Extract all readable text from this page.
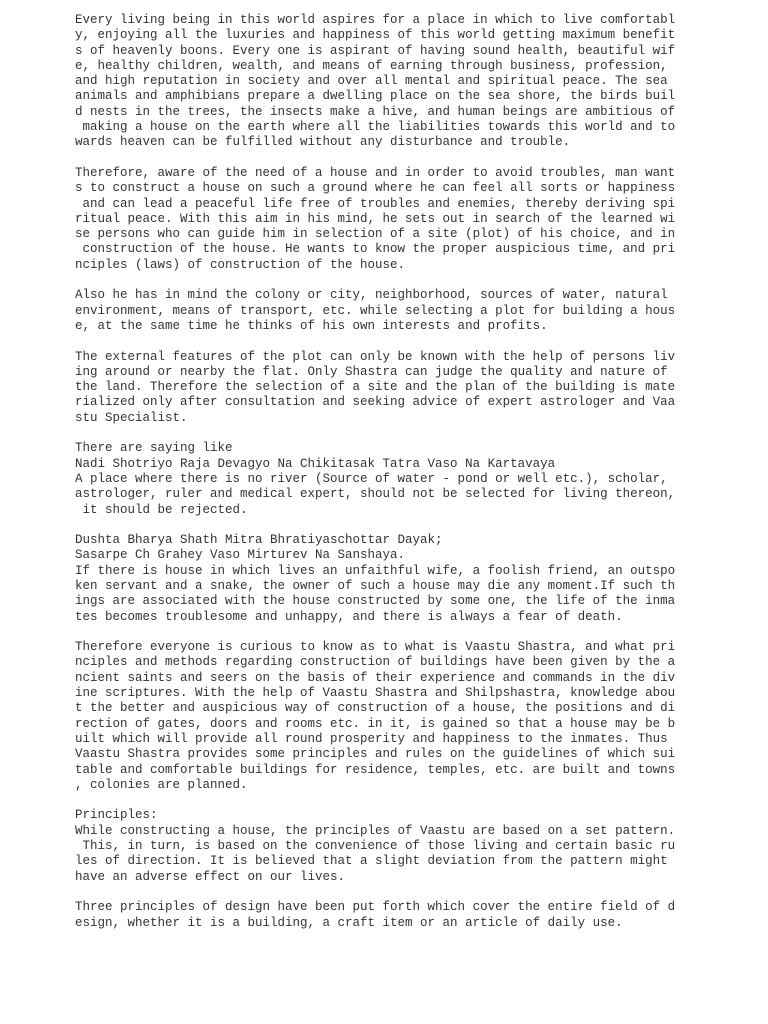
Every living being in this world aspires for a place in which to live comfortabl
y, enjoying all the luxuries and happiness of this world getting maximum benefit
s of heavenly boons. Every one is aspirant of having sound health, beautiful wif
e, healthy children, wealth, and means of earning through business, profession,
and high reputation in society and over all mental and spiritual peace. The sea
animals and amphibians prepare a dwelling place on the sea shore, the birds buil
d nests in the trees, the insects make a hive, and human beings are ambitious of
making a house on the earth where all the liabilities towards this world and to
wards heaven can be fulfilled without any disturbance and trouble.
Therefore, aware of the need of a house and in order to avoid troubles, man want
s to construct a house on such a ground where he can feel all sorts or happiness
and can lead a peaceful life free of troubles and enemies, thereby deriving spi
ritual peace. With this aim in his mind, he sets out in search of the learned wi
se persons who can guide him in selection of a site (plot) of his choice, and in
construction of the house. He wants to know the proper auspicious time, and pri
nciples (laws) of construction of the house.
Also he has in mind the colony or city, neighborhood, sources of water, natural
environment, means of transport, etc. while selecting a plot for building a hous
e, at the same time he thinks of his own interests and profits.
The external features of the plot can only be known with the help of persons liv
ing around or nearby the flat. Only Shastra can judge the quality and nature of
the land. Therefore the selection of a site and the plan of the building is mate
rialized only after consultation and seeking advice of expert astrologer and Vaa
stu Specialist.
There are saying like
Nadi Shotriyo Raja Devagyo Na Chikitasak Tatra Vaso Na Kartavaya
A place where there is no river (Source of water - pond or well etc.), scholar,
astrologer, ruler and medical expert, should not be selected for living thereon,
it should be rejected.
Dushta Bharya Shath Mitra Bhratiyaschottar Dayak;
Sasarpe Ch Grahey Vaso Mirturev Na Sanshaya.
If there is house in which lives an unfaithful wife, a foolish friend, an outspo
ken servant and a snake, the owner of such a house may die any moment.If such th
ings are associated with the house constructed by some one, the life of the inma
tes becomes troublesome and unhappy, and there is always a fear of death.
Therefore everyone is curious to know as to what is Vaastu Shastra, and what pri
nciples and methods regarding construction of buildings have been given by the a
ncient saints and seers on the basis of their experience and commands in the div
ine scriptures. With the help of Vaastu Shastra and Shilpshastra, knowledge abou
t the better and auspicious way of construction of a house, the positions and di
rection of gates, doors and rooms etc. in it, is gained so that a house may be b
uilt which will provide all round prosperity and happiness to the inmates. Thus
Vaastu Shastra provides some principles and rules on the guidelines of which sui
table and comfortable buildings for residence, temples, etc. are built and towns
, colonies are planned.
Principles:
While constructing a house, the principles of Vaastu are based on a set pattern.
This, in turn, is based on the convenience of those living and certain basic ru
les of direction. It is believed that a slight deviation from the pattern might
have an adverse effect on our lives.
Three principles of design have been put forth which cover the entire field of d
esign, whether it is a building, a craft item or an article of daily use.
